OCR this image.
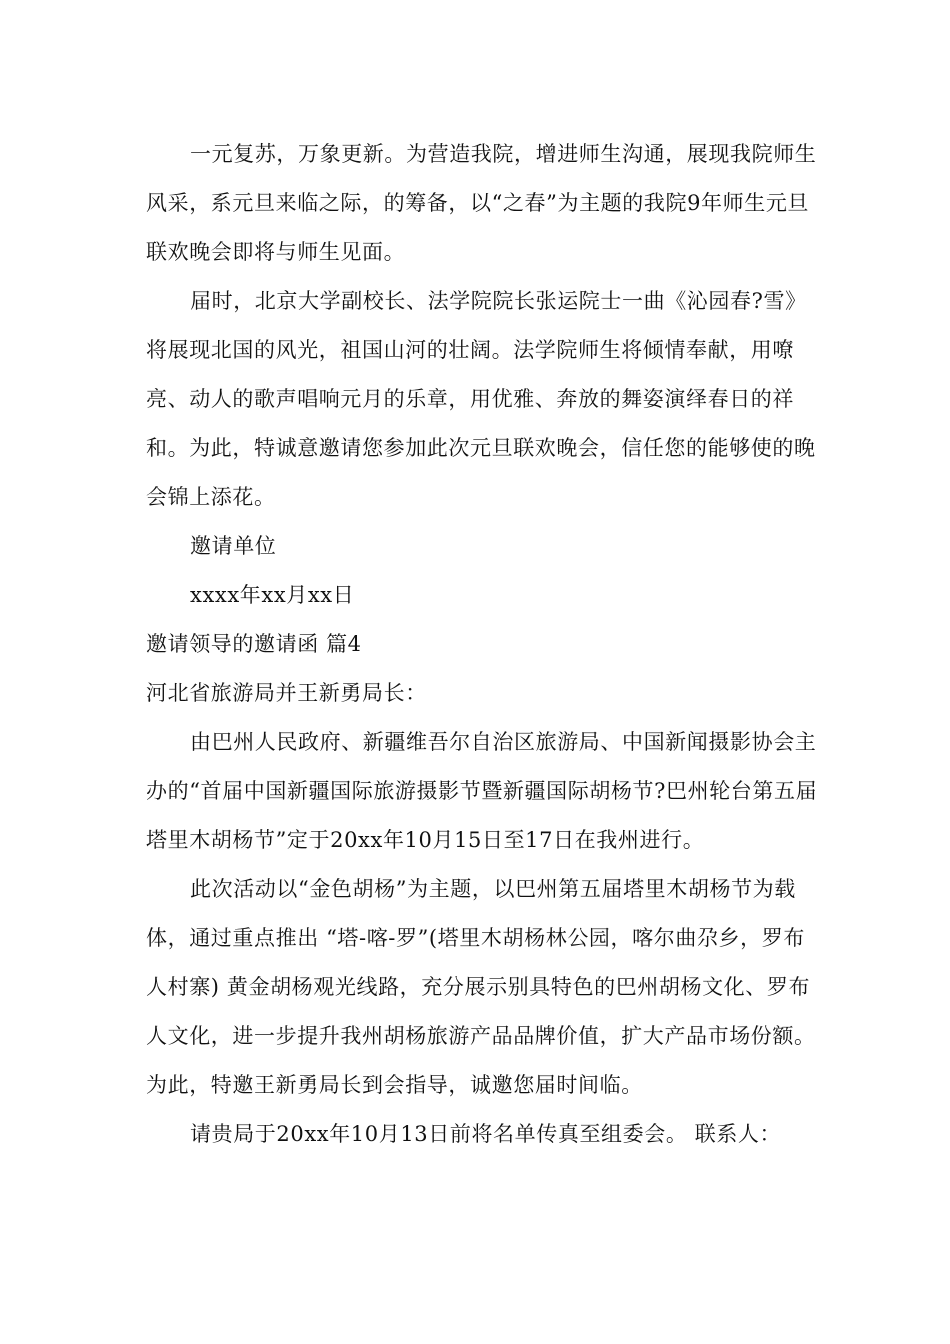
一元复苏，万象更新。为营造我院，增进师生沟通，展现我院师生风采，系元旦来临之际，的筹备，以“之春”为主题的我院9年师生元旦联欢晚会即将与师生见面。

届时，北京大学副校长、法学院院长张运院士一曲《沁园春?雪》将展现北国的风光，祖国山河的壮阔。法学院师生将倾情奉献，用嘹亮、动人的歌声唱响元月的乐章，用优雅、奔放的舞姿演绎春日的祥和。为此，特诚意邀请您参加此次元旦联欢晚会，信任您的能够使的晚会锦上添花。

邀请单位

xxxx年xx月xx日

邀请领导的邀请函 篇4

河北省旅游局并王新勇局长：

由巴州人民政府、新疆维吾尔自治区旅游局、中国新闻摄影协会主办的“首届中国新疆国际旅游摄影节暨新疆国际胡杨节?巴州轮台第五届塔里木胡杨节”定于20xx年10月15日至17日在我州进行。

此次活动以“金色胡杨”为主题，以巴州第五届塔里木胡杨节为载体，通过重点推出 “塔-喀-罗”(塔里木胡杨林公园，喀尔曲尕乡，罗布人村寨) 黄金胡杨观光线路，充分展示别具特色的巴州胡杨文化、罗布人文化，进一步提升我州胡杨旅游产品品牌价值，扩大产品市场份额。为此，特邀王新勇局长到会指导，诚邀您届时间临。

请贵局于20xx年10月13日前将名单传真至组委会。 联系人：
